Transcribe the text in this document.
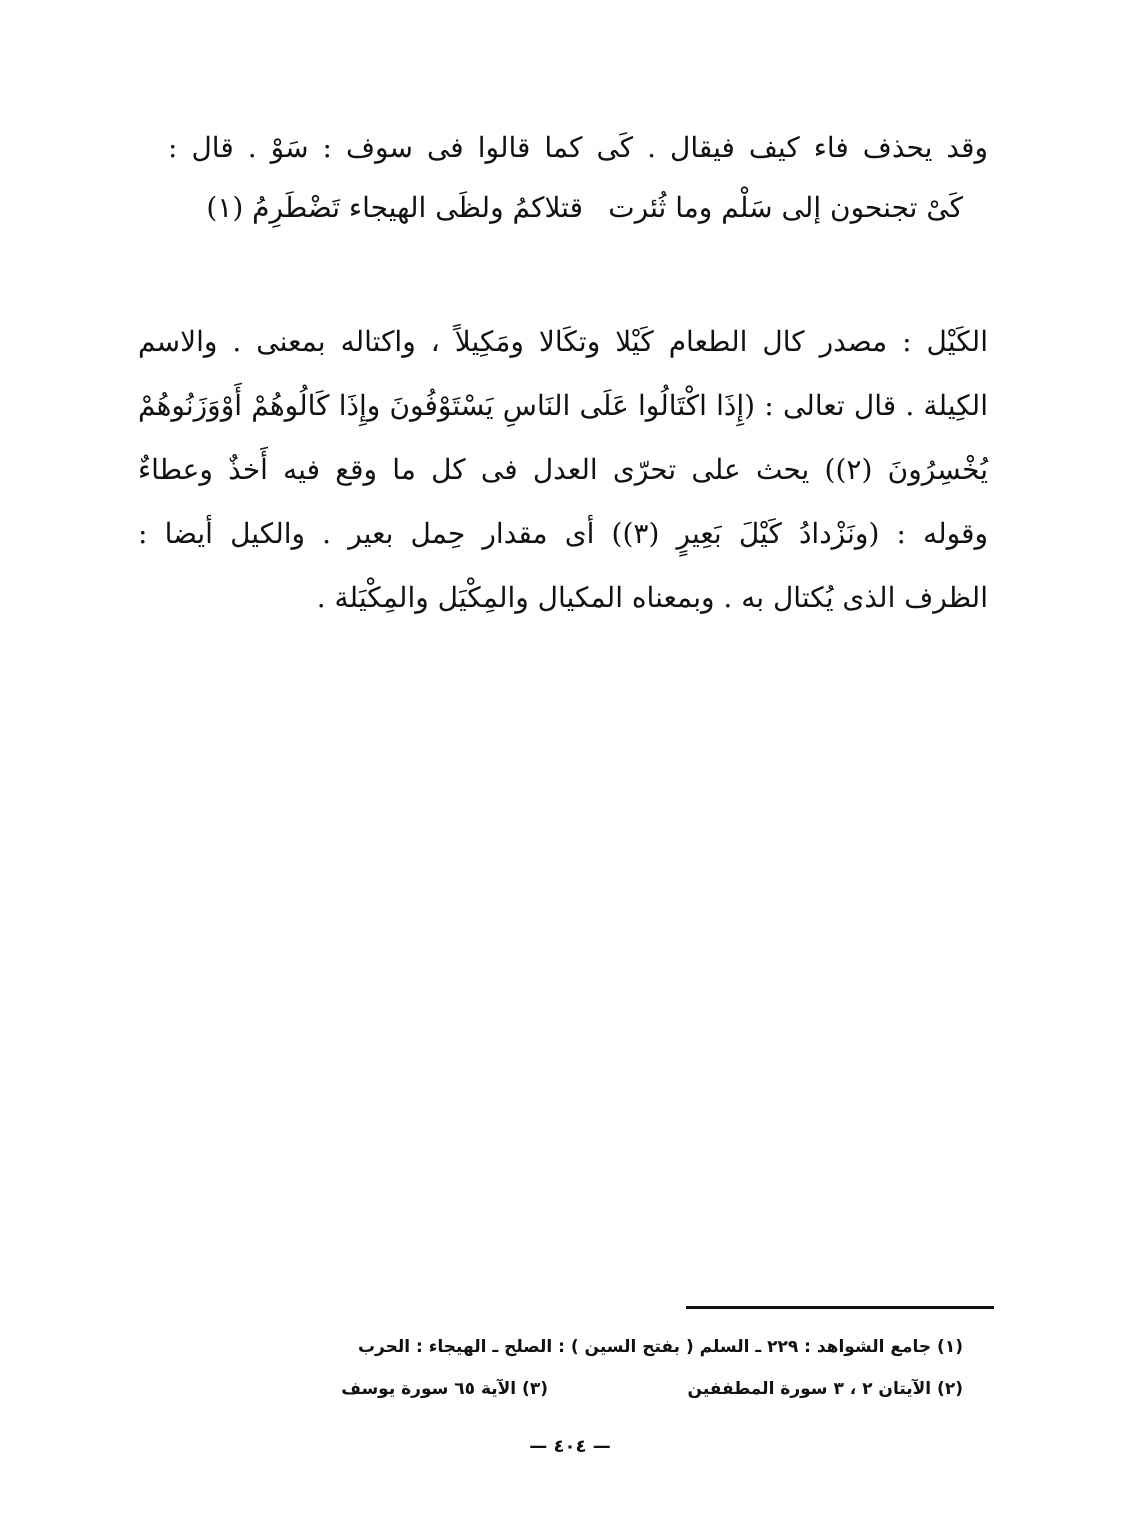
وقد يحذف فاء كيف فيقال . كَى كما قالوا فى سوف : سَوْ . قال :
كَىْ تجنحون إلى سَلْم وما ثُئرت
قتلاكمُ ولظَى الهيجاء تَضْطَرِمُ (١)
الكَيْل : مصدر كال الطعام كَيْلا وتكَالا ومَكِيلاً ، واكتاله بمعنى . والاسم
الكِيلة . قال تعالى : (إِذَا اكْتَالُوا عَلَى النَاسِ يَسْتَوْفُونَ وإِذَا كَالُوهُمْ أَوْوَزَنُوهُمْ
يُخْسِرُونَ (٢)) يحث على تحرّى العدل فى كل ما وقع فيه أَخذٌ وعطاءٌ
وقوله : (ونَزْدادُ كَيْلَ بَعِيرٍ (٣)) أى مقدار حِمل بعير . والكيل أيضا :
الظرف الذى يُكتال به . وبمعناه المكيال والمِكْيَل والمِكْيَلة .
(١) جامع الشواهد : ٢٢٩ ـ السلم ( بفتح السين ) : الصلح ـ الهيجاء : الحرب
(٢) الآيتان ٢ ، ٣ سورة المطففين
(٣) الآية ٦٥ سورة يوسف
— ٤٠٤ —
